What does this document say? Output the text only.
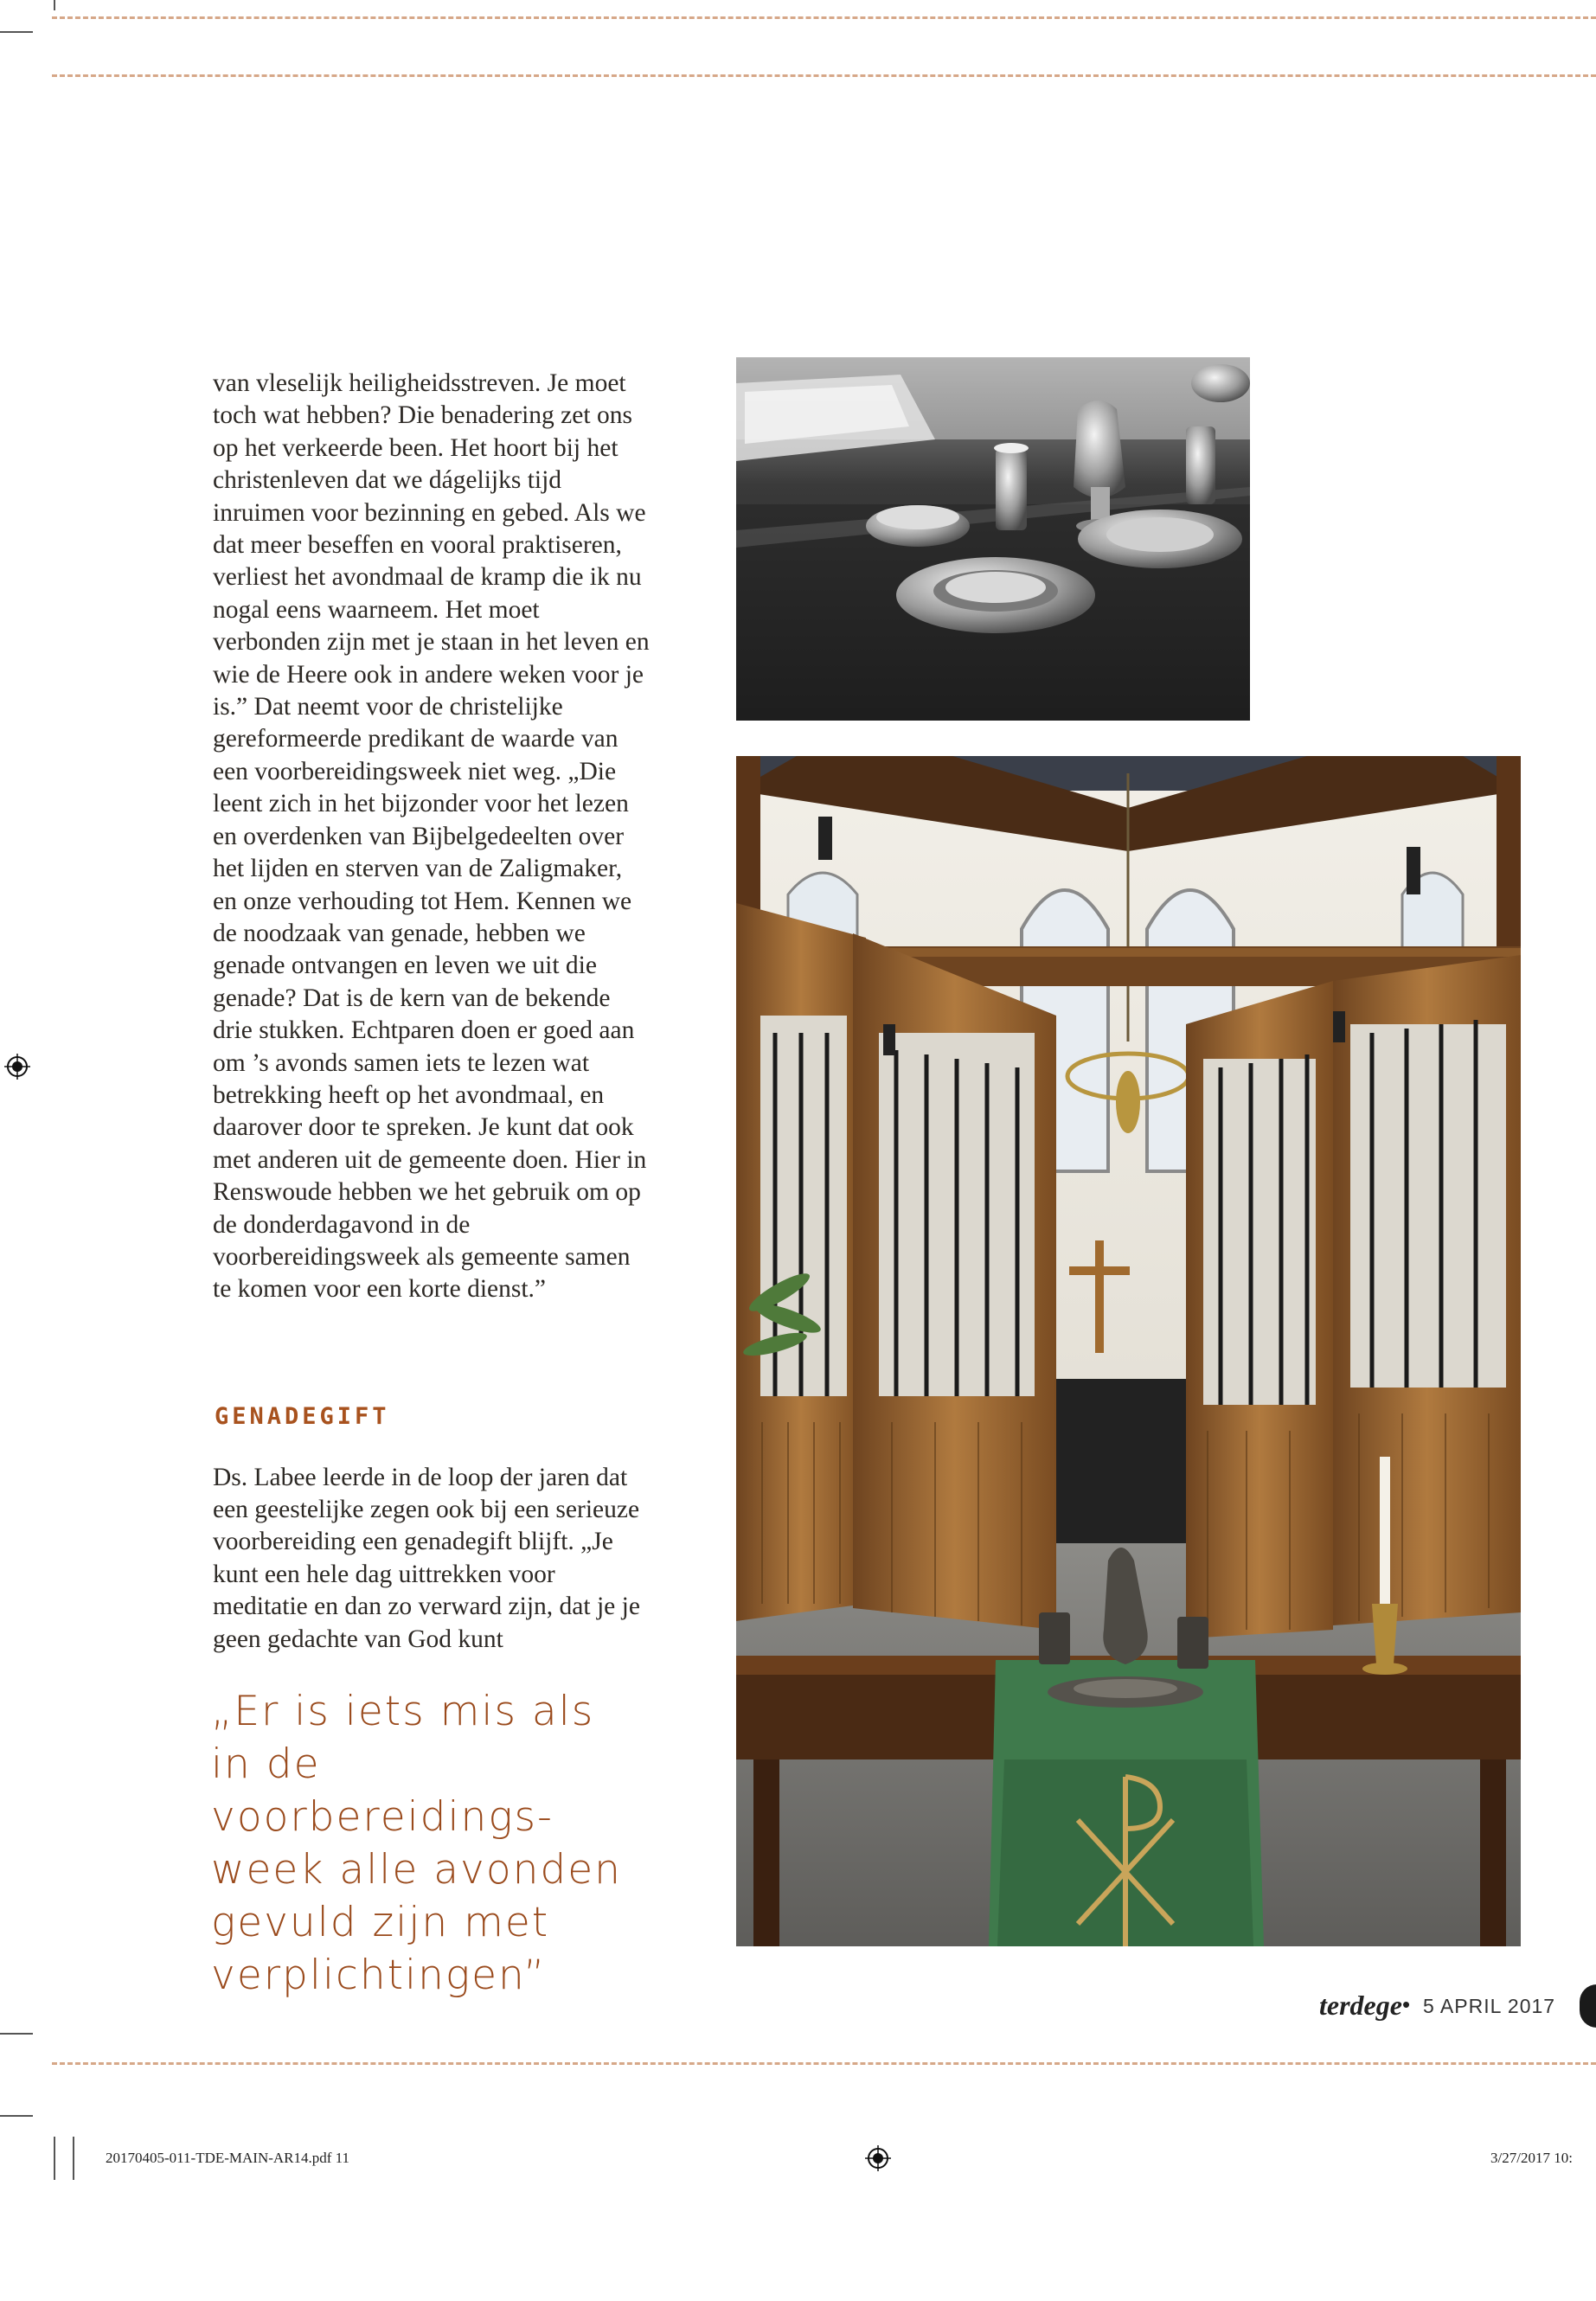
van vleselijk heiligheidsstreven. Je moet toch wat hebben? Die benadering zet ons op het verkeerde been. Het hoort bij het christenleven dat we dágelijks tijd inruimen voor bezinning en gebed. Als we dat meer beseffen en vooral praktiseren, verliest het avondmaal de kramp die ik nu nogal eens waarneem. Het moet verbonden zijn met je staan in het leven en wie de Heere ook in andere weken voor je is.” Dat neemt voor de christelijke gereformeerde predikant de waarde van een voorbereidingsweek niet weg. „Die leent zich in het bijzonder voor het lezen en overdenken van Bijbelgedeelten over het lijden en sterven van de Zaligmaker, en onze verhouding tot Hem. Kennen we de noodzaak van genade, hebben we genade ontvangen en leven we uit die genade? Dat is de kern van de bekende drie stukken. Echtparen doen er goed aan om ’s avonds samen iets te lezen wat betrekking heeft op het avondmaal, en daarover door te spreken. Je kunt dat ook met anderen uit de gemeente doen. Hier in Renswoude hebben we het gebruik om op de donderdagavond in de voorbereidingsweek als gemeente samen te komen voor een korte dienst.”

GENADEGIFT

Ds. Labee leerde in de loop der jaren dat een geestelijke zegen ook bij een serieuze voorbereiding een genadegift blijft. „Je kunt een hele dag uittrekken voor meditatie en dan zo verward zijn, dat je je geen gedachte van God kunt

„Er is iets mis als in de voorbereidings-week alle avonden gevuld zijn met verplichtingen”
terdege • 5 APRIL 2017
20170405-011-TDE-MAIN-AR14.pdf 11	3/27/2017 10:
